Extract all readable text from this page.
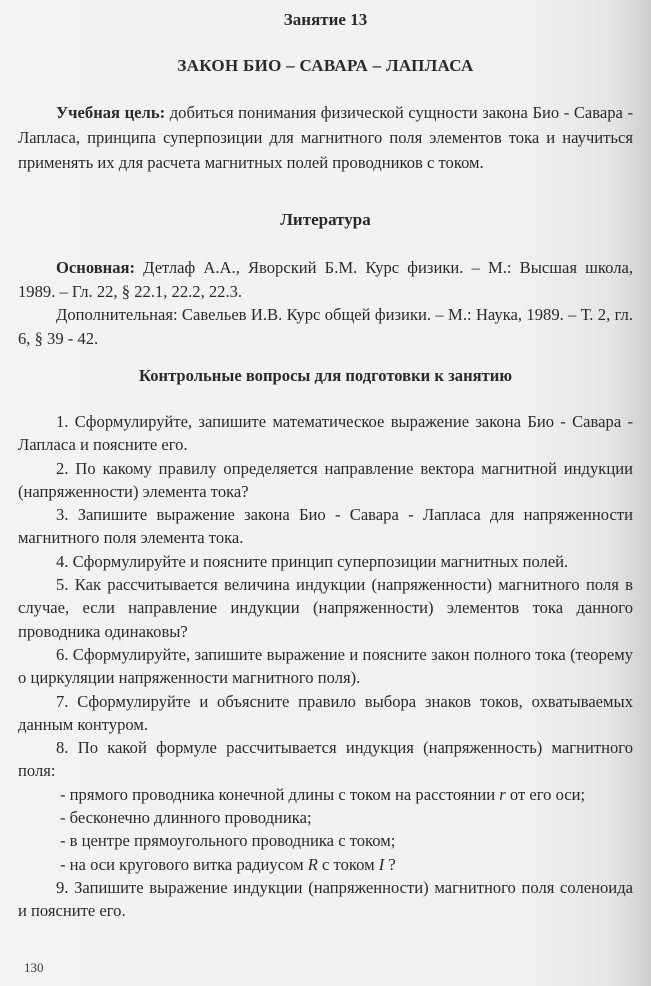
Занятие 13
ЗАКОН БИО – САВАРА – ЛАПЛАСА

Учебная цель: добиться понимания физической сущности закона Био - Савара - Лапласа, принципа суперпозиции для магнитного поля элементов тока и научиться применять их для расчета магнитных полей проводников с током.

Литература

Основная: Детлаф А.А., Яворский Б.М. Курс физики. – М.: Высшая школа, 1989. – Гл. 22, § 22.1, 22.2, 22.3.

Дополнительная: Савельев И.В. Курс общей физики. – М.: Наука, 1989. – Т. 2, гл. 6, § 39 - 42.

Контрольные вопросы для подготовки к занятию

1. Сформулируйте, запишите математическое выражение закона Био - Савара - Лапласа и поясните его.

2. По какому правилу определяется направление вектора магнитной индукции (напряженности) элемента тока?

3. Запишите выражение закона Био - Савара - Лапласа для напряженности магнитного поля элемента тока.

4. Сформулируйте и поясните принцип суперпозиции магнитных полей.

5. Как рассчитывается величина индукции (напряженности) магнитного поля в случае, если направление индукции (напряженности) элементов тока данного проводника одинаковы?

6. Сформулируйте, запишите выражение и поясните закон полного тока (теорему о циркуляции напряженности магнитного поля).

7. Сформулируйте и объясните правило выбора знаков токов, охватываемых данным контуром.

8. По какой формуле рассчитывается индукция (напряженность) магнитного поля:

- прямого проводника конечной длины с током на расстоянии r от его оси;

- бесконечно длинного проводника;

- в центре прямоугольного проводника с током;

- на оси кругового витка радиусом R с током I ?

9. Запишите выражение индукции (напряженности) магнитного поля соленоида и поясните его.

130
